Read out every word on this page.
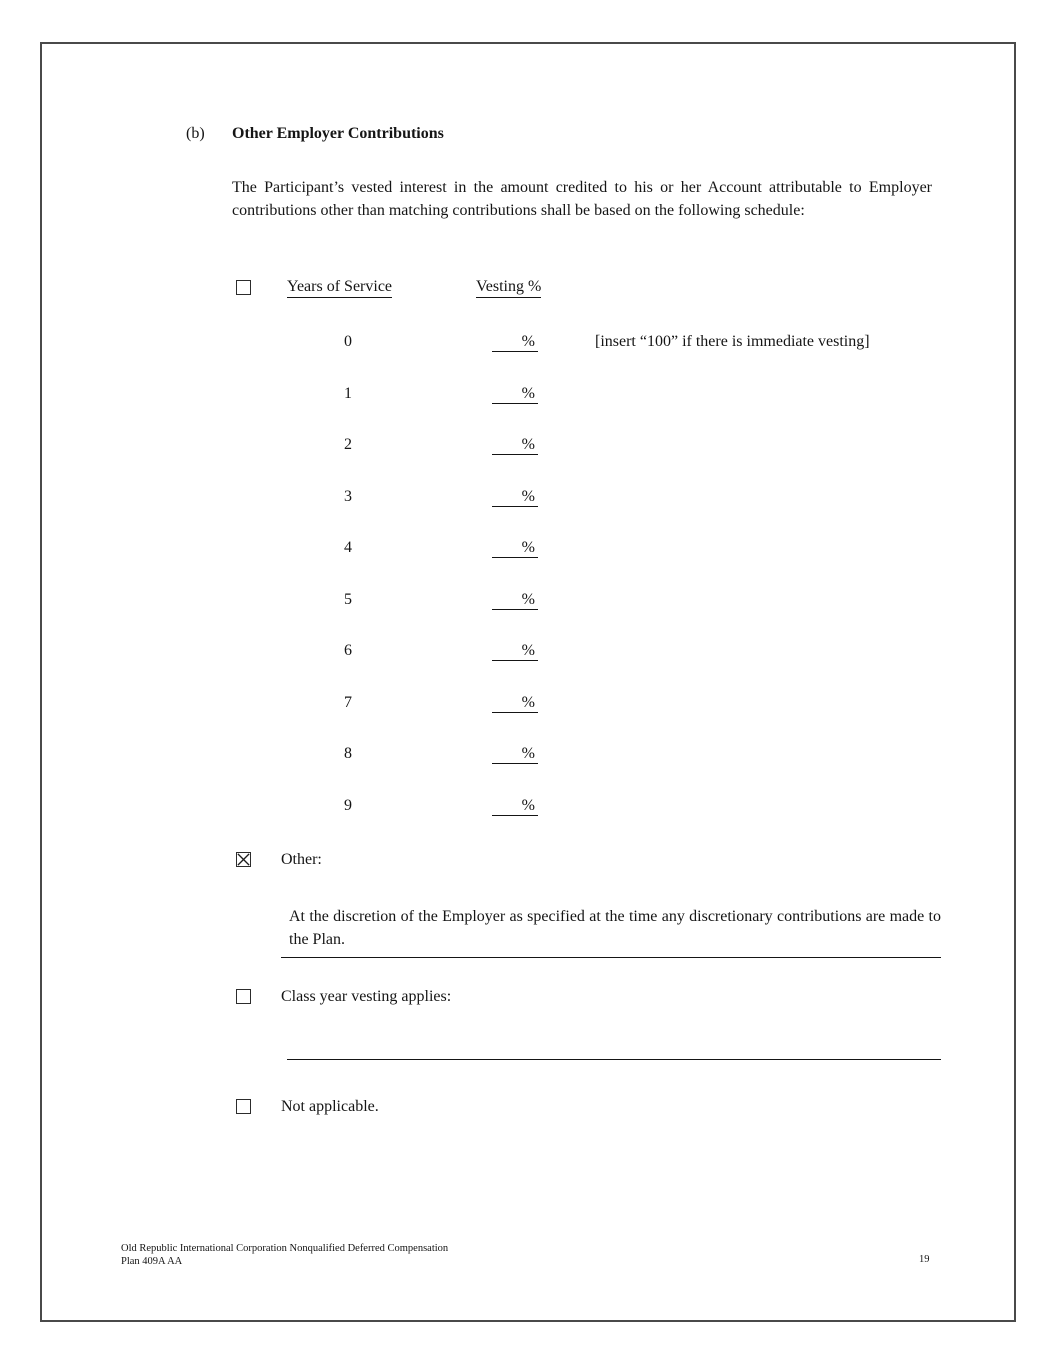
(b) Other Employer Contributions
The Participant’s vested interest in the amount credited to his or her Account attributable to Employer contributions other than matching contributions shall be based on the following schedule:
Years of Service	Vesting %
0	%	[insert “100” if there is immediate vesting]
1	%
2	%
3	%
4	%
5	%
6	%
7	%
8	%
9	%
Other:
At the discretion of the Employer as specified at the time any discretionary contributions are made to the Plan.
Class year vesting applies:
Not applicable.
Old Republic International Corporation Nonqualified Deferred Compensation
Plan 409A AA	19
